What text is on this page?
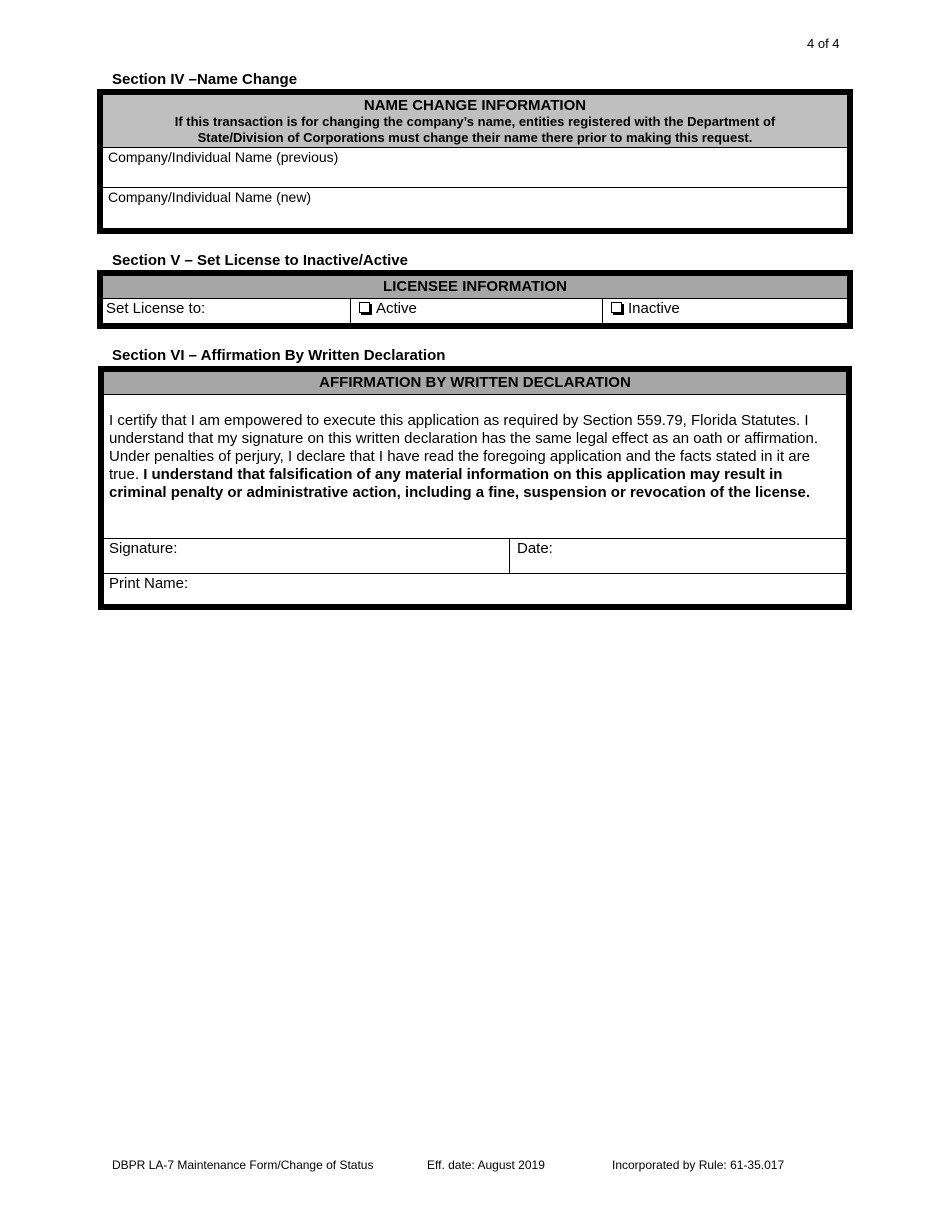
4 of 4
Section IV –Name Change
NAME CHANGE INFORMATION
If this transaction is for changing the company’s name, entities registered with the Department of
State/Division of Corporations must change their name there prior to making this request.
Company/Individual Name (previous)
Company/Individual Name (new)
Section V – Set License to Inactive/Active
LICENSEE INFORMATION
Set License to:	Active	Inactive
Section VI – Affirmation By Written Declaration
AFFIRMATION BY WRITTEN DECLARATION

I certify that I am empowered to execute this application as required by Section 559.79, Florida Statutes. I understand that my signature on this written declaration has the same legal effect as an oath or affirmation. Under penalties of perjury, I declare that I have read the foregoing application and the facts stated in it are true. I understand that falsification of any material information on this application may result in criminal penalty or administrative action, including a fine, suspension or revocation of the license.

Signature:	Date:
Print Name:
DBPR LA-7 Maintenance Form/Change of Status	Eff. date: August 2019	Incorporated by Rule: 61-35.017
